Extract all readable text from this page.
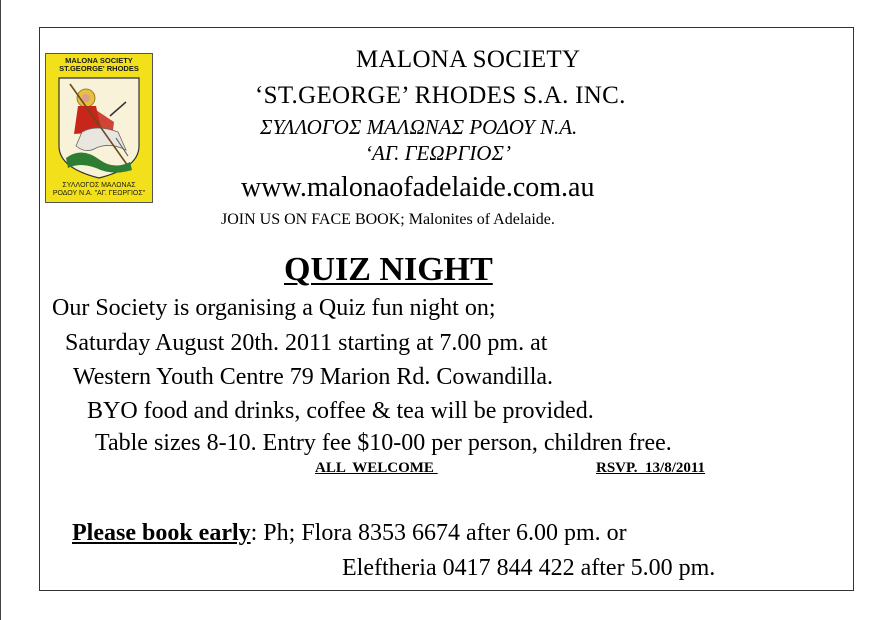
MALONA SOCIETY
ST.GEORGE' RHODES
ΣΥΛΛΟΓΟΣ ΜΑΛΩΝΑΣ
ΡΟΔΟΥ Ν.Α. "ΑΓ. ΓΕΩΡΓΙΟΣ"
MALONA SOCIETY
‘ST.GEORGE’ RHODES S.A. INC.
ΣΥΛΛΟΓΟΣ ΜΑΛΩΝΑΣ ΡΟΔΟΥ Ν.Α.
‘ΑΓ. ΓΕΩΡΓΙΟΣ’
www.malonaofadelaide.com.au
JOIN US ON FACE BOOK; Malonites of Adelaide.
QUIZ NIGHT
Our Society is organising a Quiz fun night on;
Saturday August 20th. 2011 starting at 7.00 pm. at
Western Youth Centre 79 Marion Rd. Cowandilla.
BYO food and drinks, coffee & tea will be provided.
Table sizes 8-10. Entry fee $10-00 per person, children free.
ALL  WELCOME	RSVP.  13/8/2011
Please book early: Ph; Flora 8353 6674 after 6.00 pm. or
Eleftheria 0417 844 422 after 5.00 pm.
